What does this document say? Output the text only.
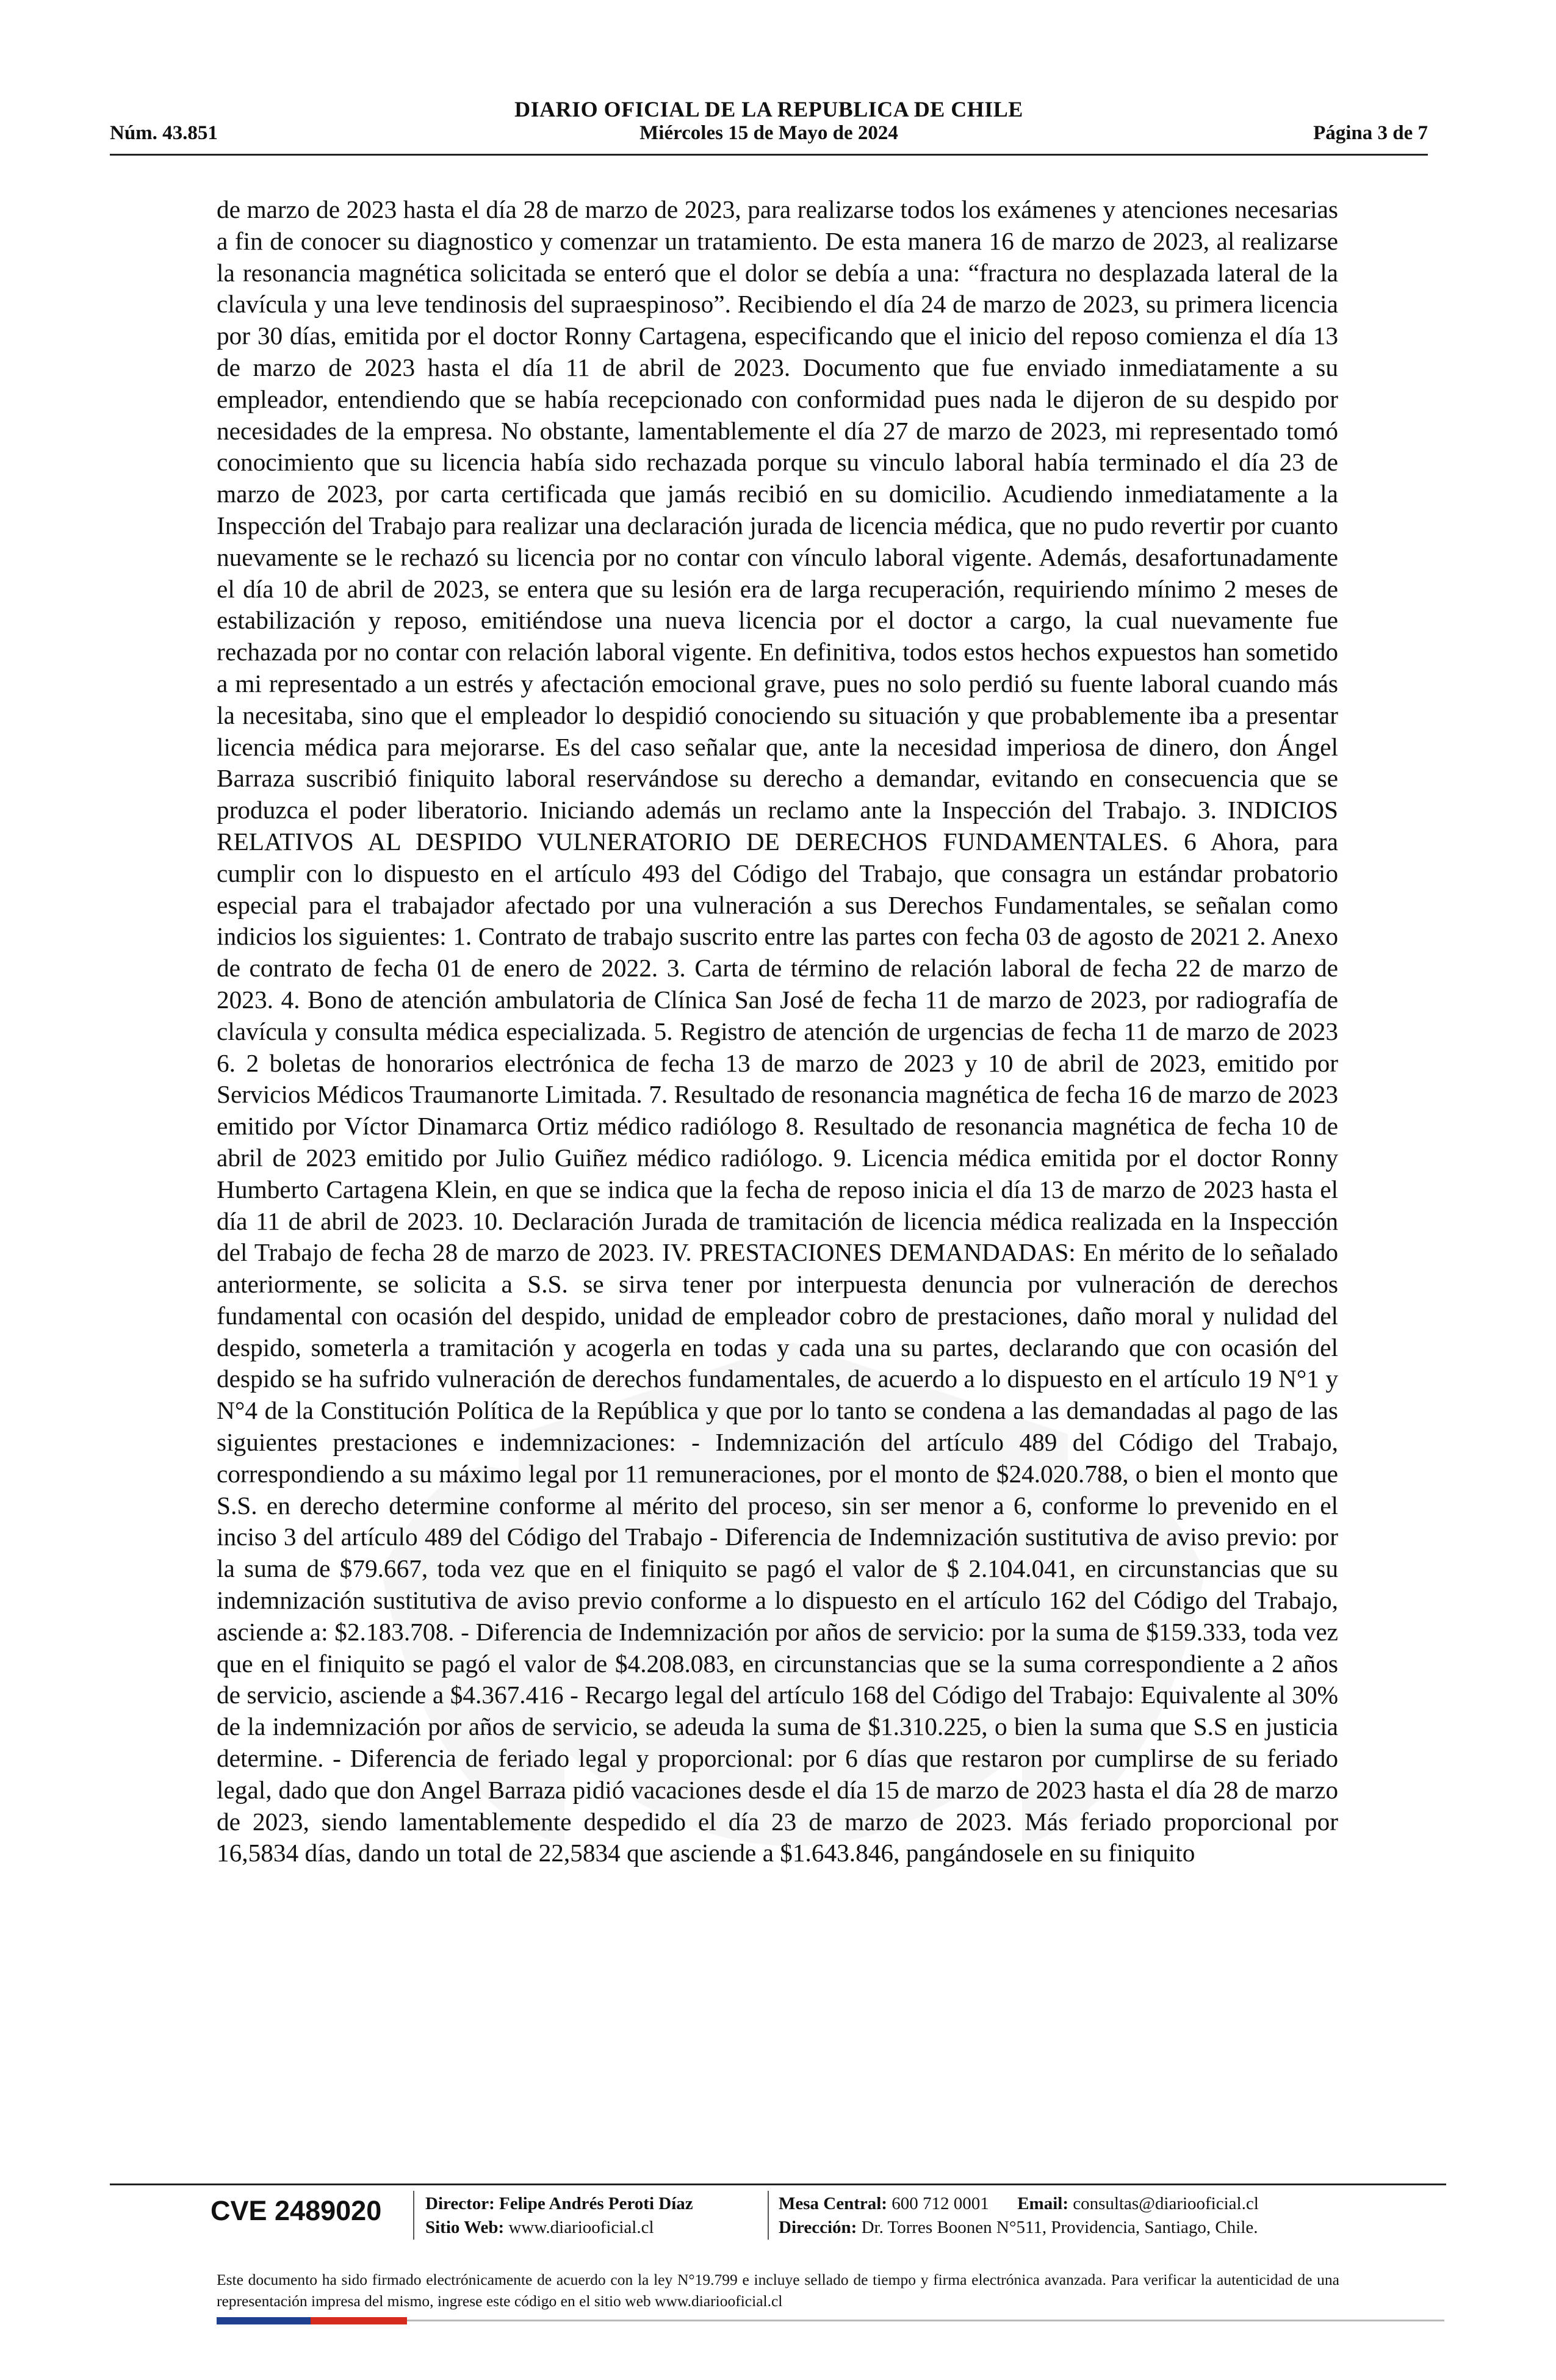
DIARIO OFICIAL DE LA REPUBLICA DE CHILE
Núm. 43.851	Miércoles 15 de Mayo de 2024	Página 3 de 7

de marzo de 2023 hasta el día 28 de marzo de 2023, para realizarse todos los exámenes y atenciones necesarias a fin de conocer su diagnostico y comenzar un tratamiento. De esta manera 16 de marzo de 2023, al realizarse la resonancia magnética solicitada se enteró que el dolor se debía a una: “fractura no desplazada lateral de la clavícula y una leve tendinosis del supraespinoso”. Recibiendo el día 24 de marzo de 2023, su primera licencia por 30 días, emitida por el doctor Ronny Cartagena, especificando que el inicio del reposo comienza el día 13 de marzo de 2023 hasta el día 11 de abril de 2023. Documento que fue enviado inmediatamente a su empleador, entendiendo que se había recepcionado con conformidad pues nada le dijeron de su despido por necesidades de la empresa. No obstante, lamentablemente el día 27 de marzo de 2023, mi representado tomó conocimiento que su licencia había sido rechazada porque su vinculo laboral había terminado el día 23 de marzo de 2023, por carta certificada que jamás recibió en su domicilio. Acudiendo inmediatamente a la Inspección del Trabajo para realizar una declaración jurada de licencia médica, que no pudo revertir por cuanto nuevamente se le rechazó su licencia por no contar con vínculo laboral vigente. Además, desafortunadamente el día 10 de abril de 2023, se entera que su lesión era de larga recuperación, requiriendo mínimo 2 meses de estabilización y reposo, emitiéndose una nueva licencia por el doctor a cargo, la cual nuevamente fue rechazada por no contar con relación laboral vigente. En definitiva, todos estos hechos expuestos han sometido a mi representado a un estrés y afectación emocional grave, pues no solo perdió su fuente laboral cuando más la necesitaba, sino que el empleador lo despidió conociendo su situación y que probablemente iba a presentar licencia médica para mejorarse. Es del caso señalar que, ante la necesidad imperiosa de dinero, don Ángel Barraza suscribió finiquito laboral reservándose su derecho a demandar, evitando en consecuencia que se produzca el poder liberatorio. Iniciando además un reclamo ante la Inspección del Trabajo. 3. INDICIOS RELATIVOS AL DESPIDO VULNERATORIO DE DERECHOS FUNDAMENTALES. 6 Ahora, para cumplir con lo dispuesto en el artículo 493 del Código del Trabajo, que consagra un estándar probatorio especial para el trabajador afectado por una vulneración a sus Derechos Fundamentales, se señalan como indicios los siguientes: 1. Contrato de trabajo suscrito entre las partes con fecha 03 de agosto de 2021 2. Anexo de contrato de fecha 01 de enero de 2022. 3. Carta de término de relación laboral de fecha 22 de marzo de 2023. 4. Bono de atención ambulatoria de Clínica San José de fecha 11 de marzo de 2023, por radiografía de clavícula y consulta médica especializada. 5. Registro de atención de urgencias de fecha 11 de marzo de 2023 6. 2 boletas de honorarios electrónica de fecha 13 de marzo de 2023 y 10 de abril de 2023, emitido por Servicios Médicos Traumanorte Limitada. 7. Resultado de resonancia magnética de fecha 16 de marzo de 2023 emitido por Víctor Dinamarca Ortiz médico radiólogo 8. Resultado de resonancia magnética de fecha 10 de abril de 2023 emitido por Julio Guiñez médico radiólogo. 9. Licencia médica emitida por el doctor Ronny Humberto Cartagena Klein, en que se indica que la fecha de reposo inicia el día 13 de marzo de 2023 hasta el día 11 de abril de 2023. 10. Declaración Jurada de tramitación de licencia médica realizada en la Inspección del Trabajo de fecha 28 de marzo de 2023. IV. PRESTACIONES DEMANDADAS: En mérito de lo señalado anteriormente, se solicita a S.S. se sirva tener por interpuesta denuncia por vulneración de derechos fundamental con ocasión del despido, unidad de empleador cobro de prestaciones, daño moral y nulidad del despido, someterla a tramitación y acogerla en todas y cada una su partes, declarando que con ocasión del despido se ha sufrido vulneración de derechos fundamentales, de acuerdo a lo dispuesto en el artículo 19 N°1 y N°4 de la Constitución Política de la República y que por lo tanto se condena a las demandadas al pago de las siguientes prestaciones e indemnizaciones: - Indemnización del artículo 489 del Código del Trabajo, correspondiendo a su máximo legal por 11 remuneraciones, por el monto de $24.020.788, o bien el monto que S.S. en derecho determine conforme al mérito del proceso, sin ser menor a 6, conforme lo prevenido en el inciso 3 del artículo 489 del Código del Trabajo - Diferencia de Indemnización sustitutiva de aviso previo: por la suma de $79.667, toda vez que en el finiquito se pagó el valor de $ 2.104.041, en circunstancias que su indemnización sustitutiva de aviso previo conforme a lo dispuesto en el artículo 162 del Código del Trabajo, asciende a: $2.183.708. - Diferencia de Indemnización por años de servicio: por la suma de $159.333, toda vez que en el finiquito se pagó el valor de $4.208.083, en circunstancias que se la suma correspondiente a 2 años de servicio, asciende a $4.367.416 - Recargo legal del artículo 168 del Código del Trabajo: Equivalente al 30% de la indemnización por años de servicio, se adeuda la suma de $1.310.225, o bien la suma que S.S en justicia determine. - Diferencia de feriado legal y proporcional: por 6 días que restaron por cumplirse de su feriado legal, dado que don Angel Barraza pidió vacaciones desde el día 15 de marzo de 2023 hasta el día 28 de marzo de 2023, siendo lamentablemente despedido el día 23 de marzo de 2023. Más feriado proporcional por 16,5834 días, dando un total de 22,5834 que asciende a $1.643.846, pangándosele en su finiquito

CVE 2489020 Director: Felipe Andrés Peroti Díaz
Sitio Web: www.diariooficial.cl
Mesa Central: 600 712 0001 Email: consultas@diariooficial.cl
Dirección: Dr. Torres Boonen N°511, Providencia, Santiago, Chile.

Este documento ha sido firmado electrónicamente de acuerdo con la ley N°19.799 e incluye sellado de tiempo y firma electrónica avanzada. Para verificar la autenticidad de una representación impresa del mismo, ingrese este código en el sitio web www.diariooficial.cl
